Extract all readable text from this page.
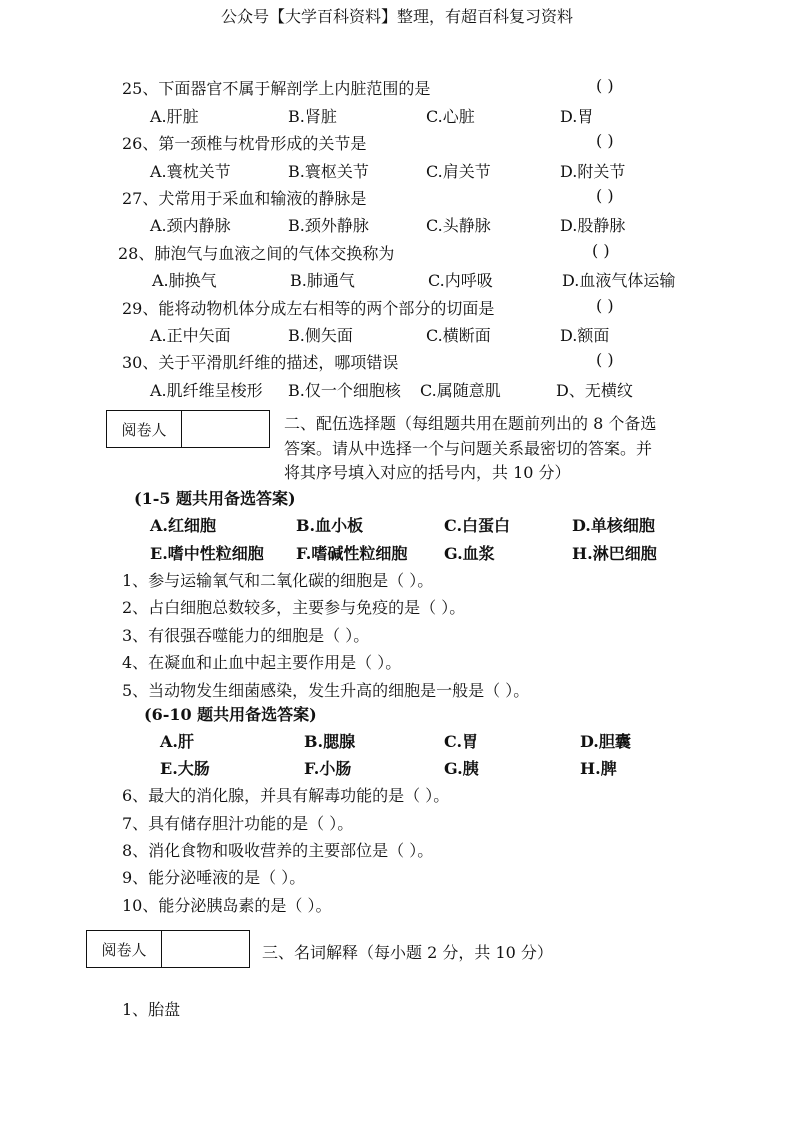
公众号【大学百科资料】整理，有超百科复习资料
25、下面器官不属于解剖学上内脏范围的是	( )
A.肝脏	B.肾脏	C.心脏	D.胃
26、第一颈椎与枕骨形成的关节是	( )
A.寰枕关节	B.寰枢关节	C.肩关节	D.附关节
27、犬常用于采血和输液的静脉是	( )
A.颈内静脉	B.颈外静脉	C.头静脉	D.股静脉
28、肺泡气与血液之间的气体交换称为	( )
A.肺换气	B.肺通气	C.内呼吸	D.血液气体运输
29、能将动物机体分成左右相等的两个部分的切面是	( )
A.正中矢面	B.侧矢面	C.横断面	D.额面
30、关于平滑肌纤维的描述，哪项错误	( )
A.肌纤维呈梭形 B.仅一个细胞核 C.属随意肌	D、无横纹
阅卷人	二、配伍选择题（每组题共用在题前列出的 8 个备选
答案。请从中选择一个与问题关系最密切的答案。并
将其序号填入对应的括号内，共 10 分）
(1-5 题共用备选答案)
A.红细胞	B.血小板	C.白蛋白	D.单核细胞
E.嗜中性粒细胞 F.嗜碱性粒细胞 G.血浆	H.淋巴细胞
1、参与运输氧气和二氧化碳的细胞是（ ）。
2、占白细胞总数较多，主要参与免疫的是（ ）。
3、有很强吞噬能力的细胞是（ ）。
4、在凝血和止血中起主要作用是（ ）。
5、当动物发生细菌感染，发生升高的细胞是一般是（ ）。
(6-10 题共用备选答案)
A.肝	B.腮腺	C.胃	D.胆囊
E.大肠	F.小肠	G.胰	H.脾
6、最大的消化腺，并具有解毒功能的是（ ）。
7、具有储存胆汁功能的是（ ）。
8、消化食物和吸收营养的主要部位是（ ）。
9、能分泌唾液的是（ ）。
10、能分泌胰岛素的是（ ）。
阅卷人	三、名词解释（每小题 2 分，共 10 分）
1、胎盘
